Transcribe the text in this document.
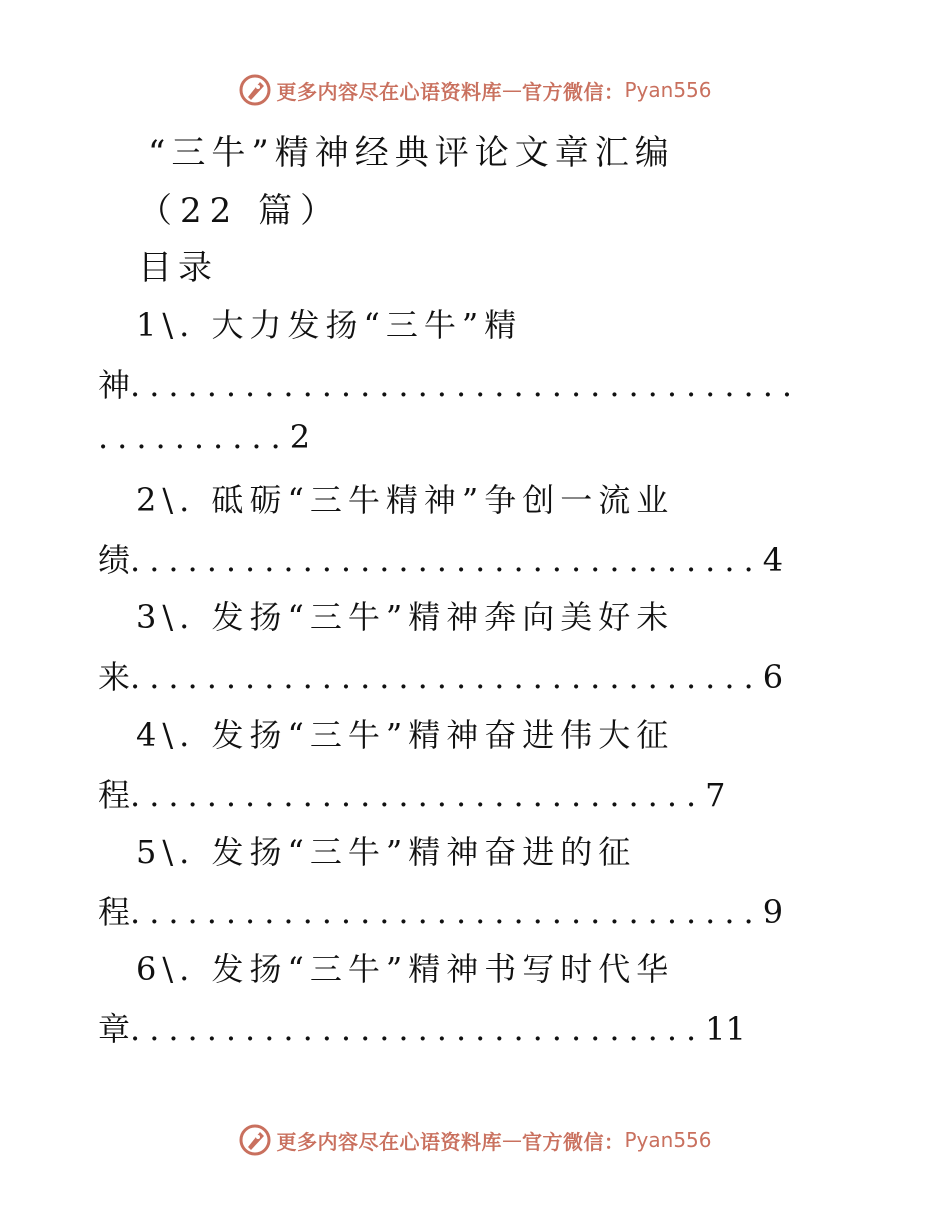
更多内容尽在心语资料库 — 官方微信： Pyan556
“三牛”精神经典评论文章汇编
（22 篇）
目录
1\. 大力发扬“三牛”精
神...................................
..........2
2\. 砥砺“三牛精神”争创一流业
绩.................................4
3\. 发扬“三牛”精神奔向美好未
来.................................6
4\. 发扬“三牛”精神奋进伟大征
程..............................7
5\. 发扬“三牛”精神奋进的征
程.................................9
6\. 发扬“三牛”精神书写时代华
章..............................11
更多内容尽在心语资料库 — 官方微信： Pyan556
